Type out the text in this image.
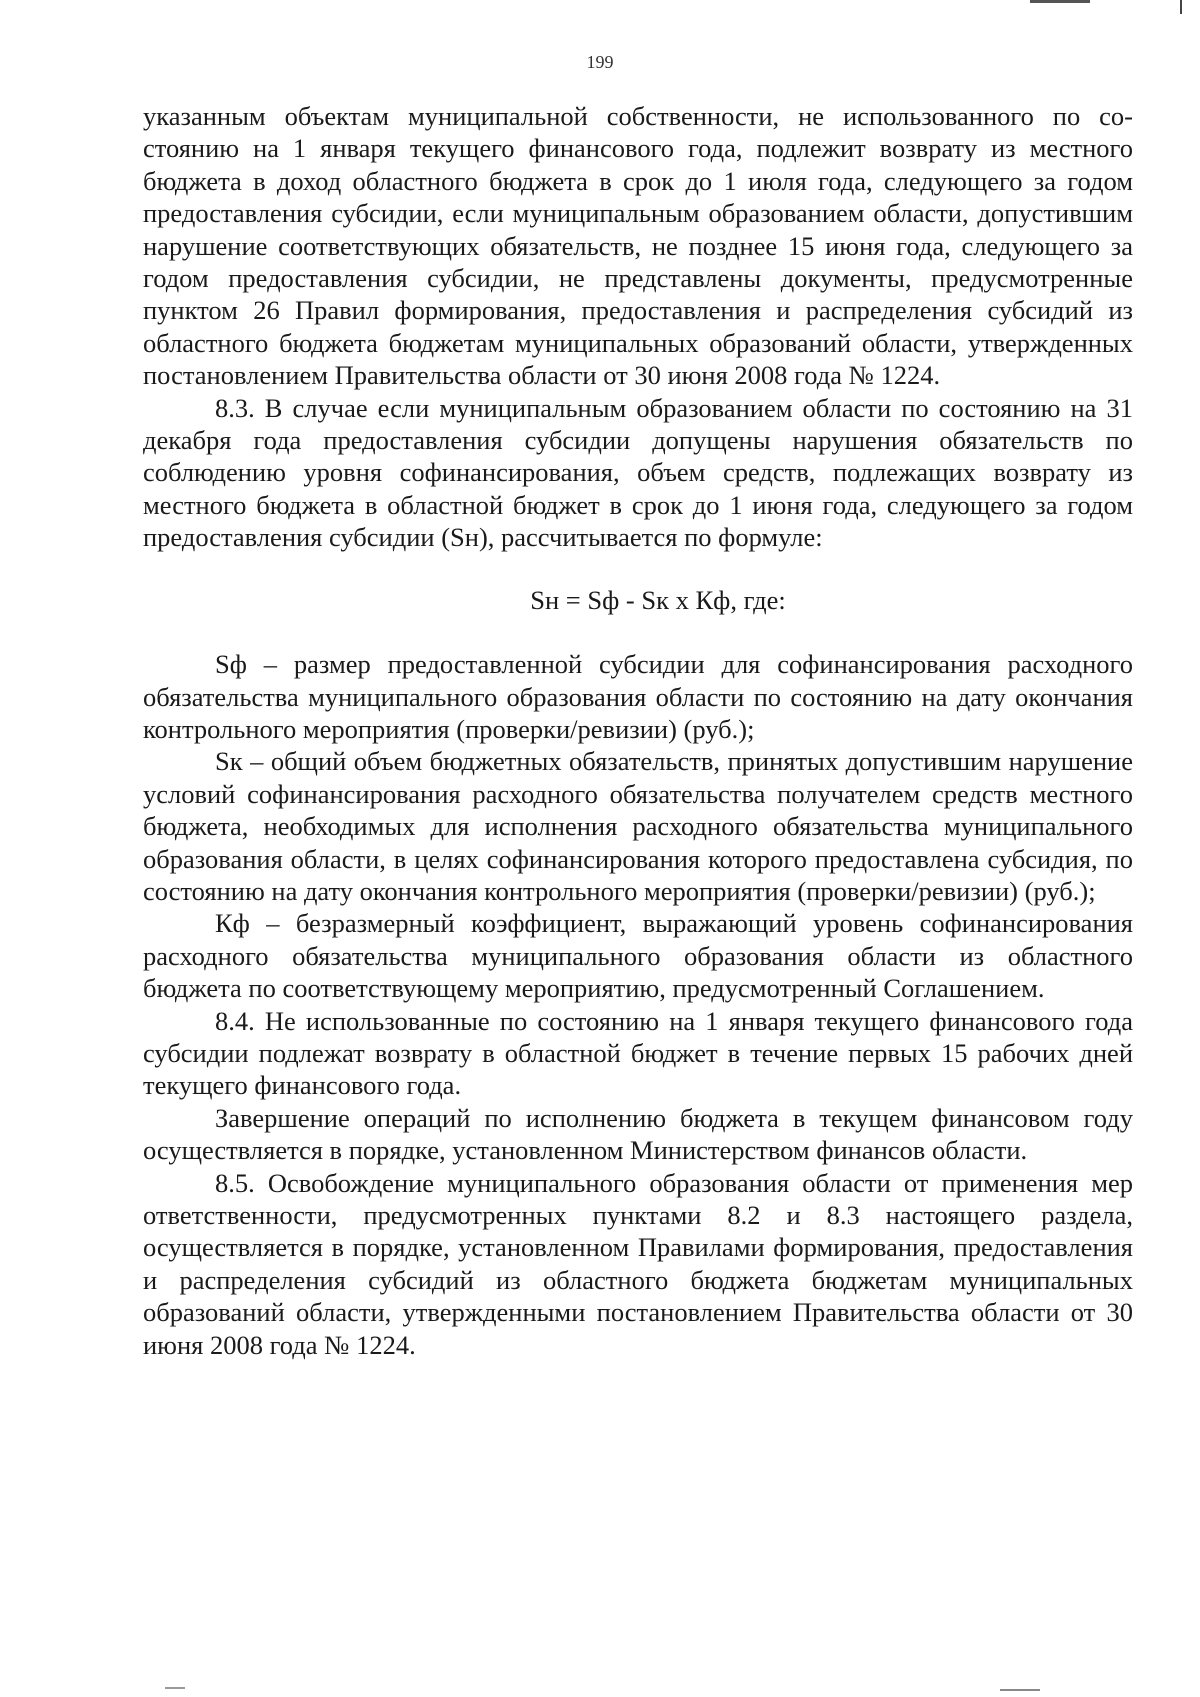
199

указанным объектам муниципальной собственности, не использованного по состоянию на 1 января текущего финансового года, подлежит возврату из местного бюджета в доход областного бюджета в срок до 1 июля года, следующего за годом предоставления субсидии, если муниципальным образованием области, допустившим нарушение соответствующих обязательств, не позднее 15 июня года, следующего за годом предоставления субсидии, не представлены документы, предусмотренные пунктом 26 Правил формирования, предоставления и распределения субсидий из областного бюджета бюджетам муниципальных образований области, утвержденных постановлением Правительства области от 30 июня 2008 года № 1224.

8.3. В случае если муниципальным образованием области по состоянию на 31 декабря года предоставления субсидии допущены нарушения обязательств по соблюдению уровня софинансирования, объем средств, подлежащих возврату из местного бюджета в областной бюджет в срок до 1 июня года, следующего за годом предоставления субсидии (Sн), рассчитывается по формуле:

Sн = Sф - Sк х Кф, где:

Sф – размер предоставленной субсидии для софинансирования расходного обязательства муниципального образования области по состоянию на дату окончания контрольного мероприятия (проверки/ревизии) (руб.);

Sк – общий объем бюджетных обязательств, принятых допустившим нарушение условий софинансирования расходного обязательства получателем средств местного бюджета, необходимых для исполнения расходного обязательства муниципального образования области, в целях софинансирования которого предоставлена субсидия, по состоянию на дату окончания контрольного мероприятия (проверки/ревизии) (руб.);

Кф – безразмерный коэффициент, выражающий уровень софинансирования расходного обязательства муниципального образования области из областного бюджета по соответствующему мероприятию, предусмотренный Соглашением.

8.4. Не использованные по состоянию на 1 января текущего финансового года субсидии подлежат возврату в областной бюджет в течение первых 15 рабочих дней текущего финансового года.

Завершение операций по исполнению бюджета в текущем финансовом году осуществляется в порядке, установленном Министерством финансов области.

8.5. Освобождение муниципального образования области от применения мер ответственности, предусмотренных пунктами 8.2 и 8.3 настоящего раздела, осуществляется в порядке, установленном Правилами формирования, предоставления и распределения субсидий из областного бюджета бюджетам муниципальных образований области, утвержденными постановлением Правительства области от 30 июня 2008 года № 1224.
